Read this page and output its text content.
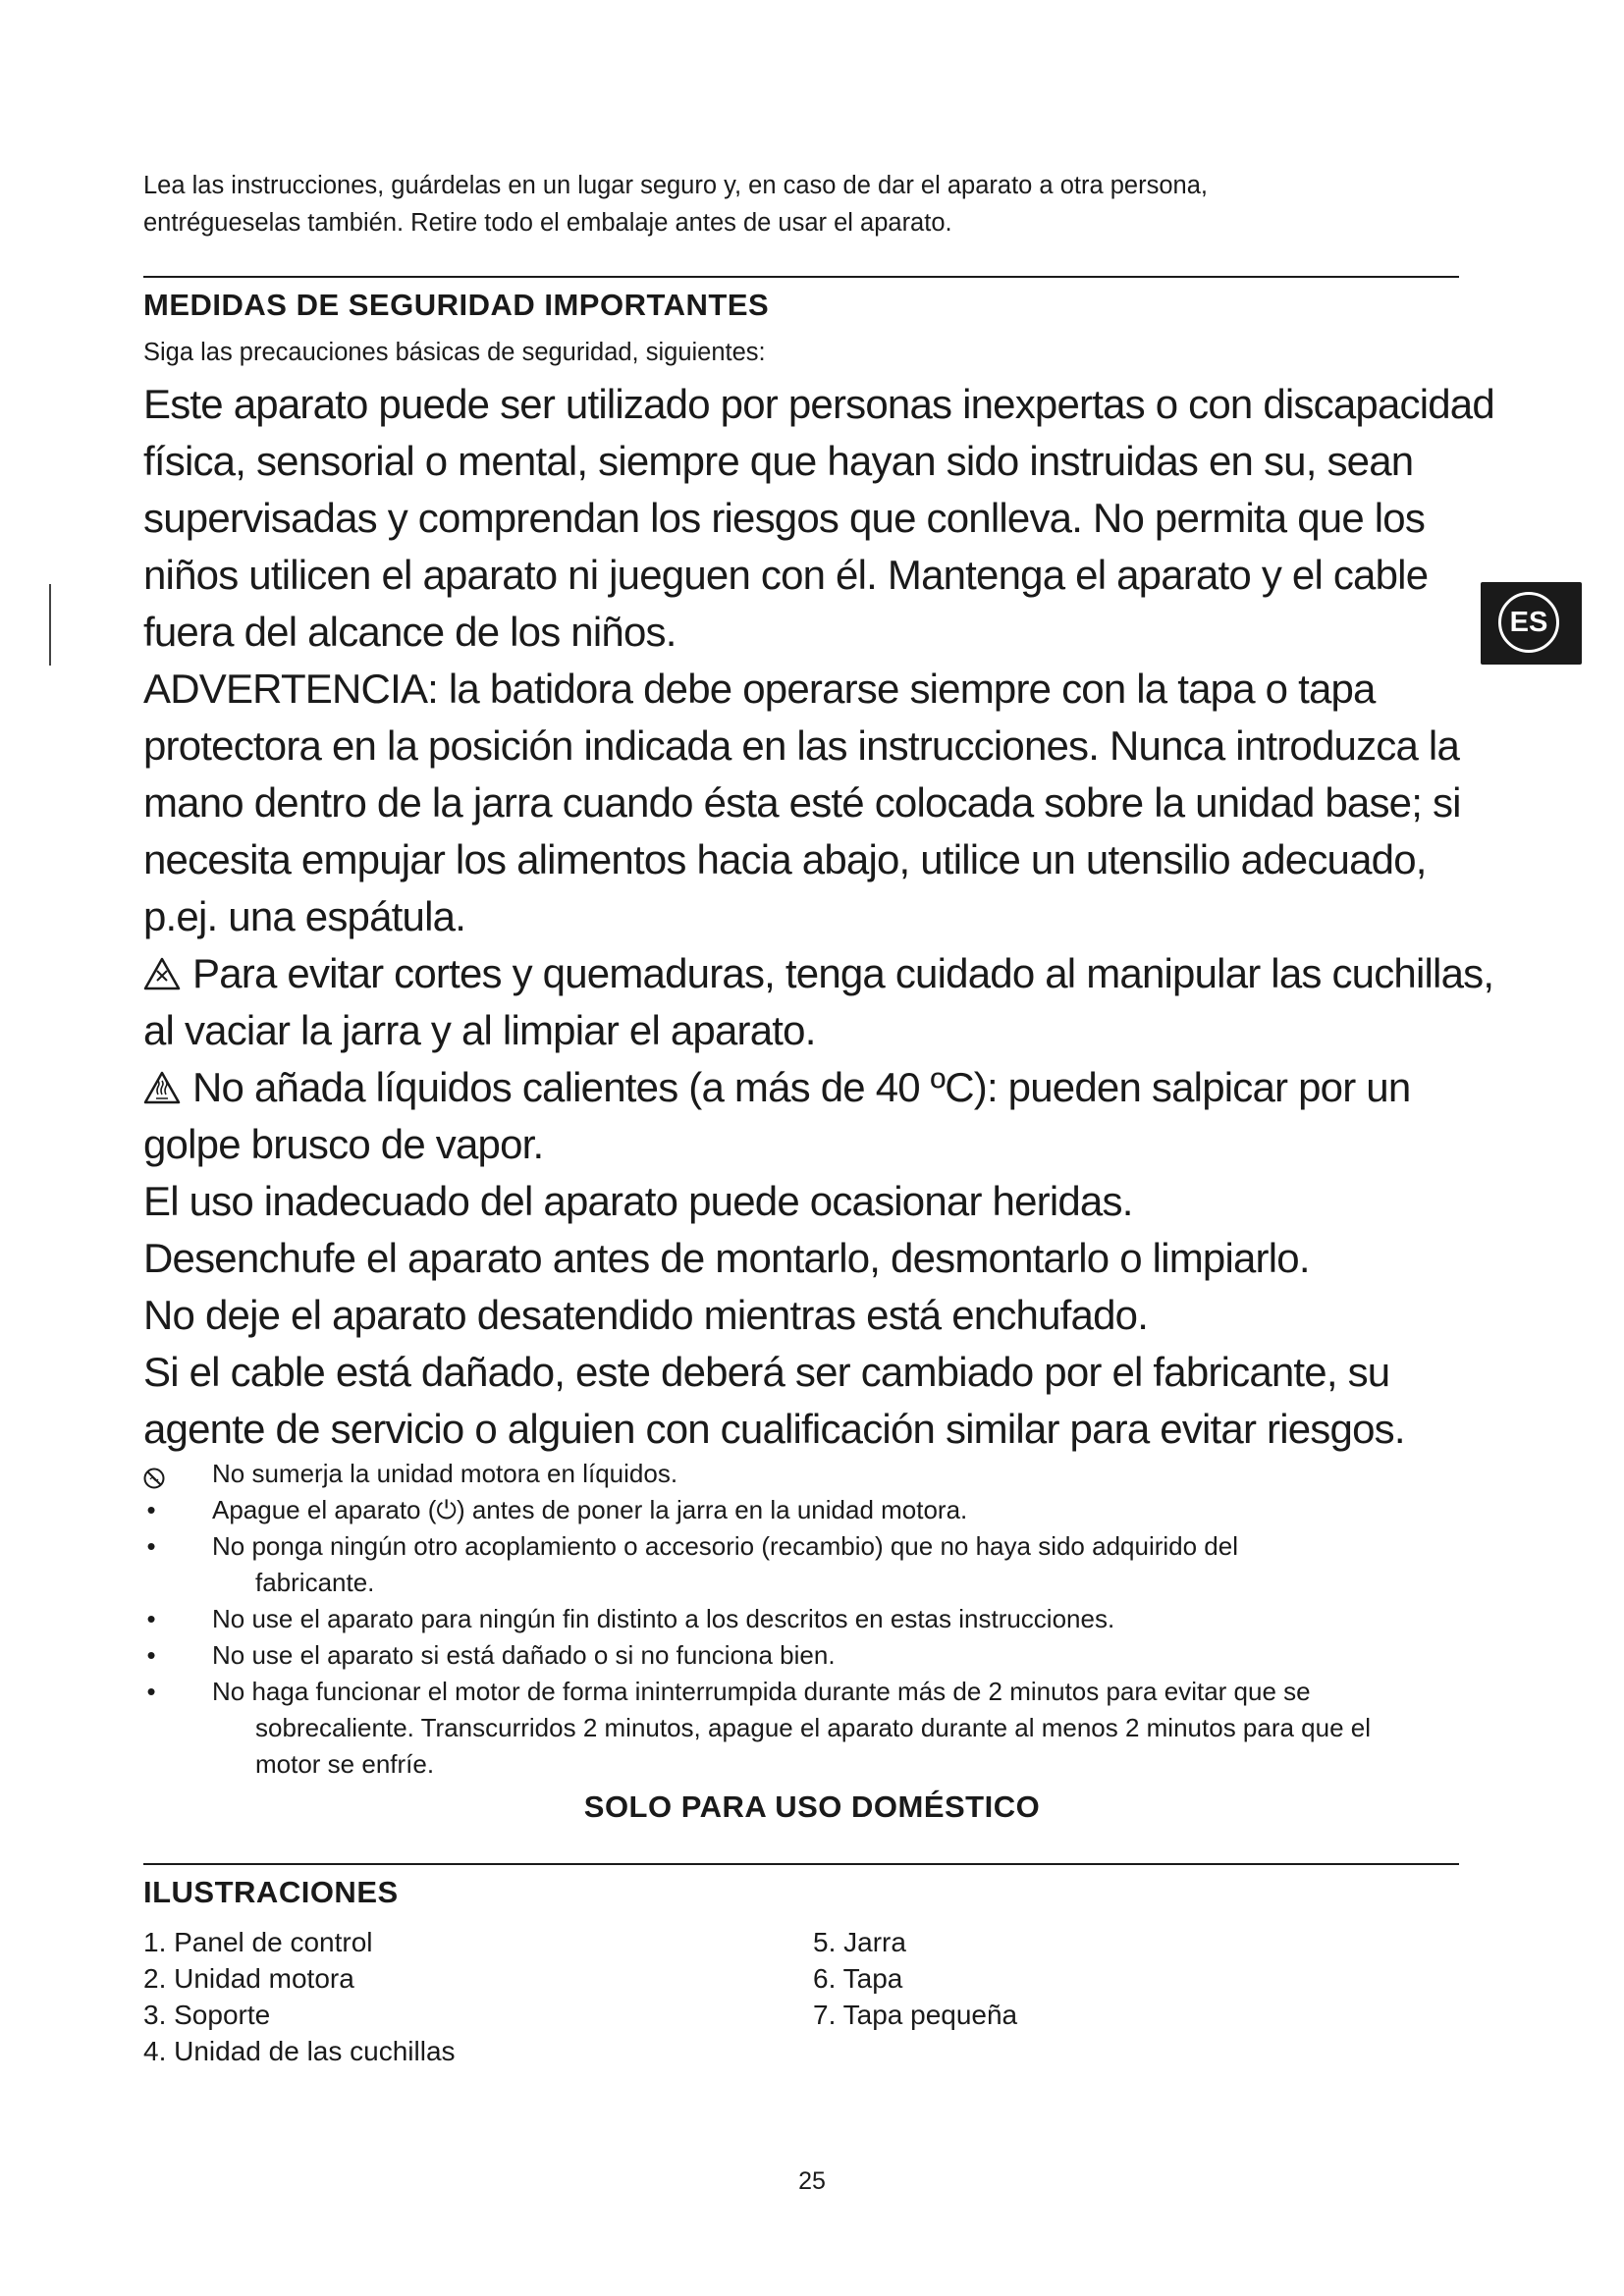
Lea las instrucciones, guárdelas en un lugar seguro y, en caso de dar el aparato a otra persona,
entrégueselas también. Retire todo el embalaje antes de usar el aparato.
MEDIDAS DE SEGURIDAD IMPORTANTES
Siga las precauciones básicas de seguridad, siguientes:

Este aparato puede ser utilizado por personas inexpertas o con discapacidad física, sensorial o mental, siempre que hayan sido instruidas en su, sean supervisadas y comprendan los riesgos que conlleva. No permita que los niños utilicen el aparato ni jueguen con él. Mantenga el aparato y el cable fuera del alcance de los niños.

ADVERTENCIA: la batidora debe operarse siempre con la tapa o tapa protectora en la posición indicada en las instrucciones. Nunca introduzca la mano dentro de la jarra cuando ésta esté colocada sobre la unidad base; si necesita empujar los alimentos hacia abajo, utilice un utensilio adecuado, p.ej. una espátula.

Para evitar cortes y quemaduras, tenga cuidado al manipular las cuchillas, al vaciar la jarra y al limpiar el aparato.

No añada líquidos calientes (a más de 40 ºC): pueden salpicar por un golpe brusco de vapor.

El uso inadecuado del aparato puede ocasionar heridas.

Desenchufe el aparato antes de montarlo, desmontarlo o limpiarlo.

No deje el aparato desatendido mientras está enchufado.

Si el cable está dañado, este deberá ser cambiado por el fabricante, su agente de servicio o alguien con cualificación similar para evitar riesgos.

No sumerja la unidad motora en líquidos.
• Apague el aparato (⏻) antes de poner la jarra en la unidad motora.
• No ponga ningún otro acoplamiento o accesorio (recambio) que no haya sido adquirido del
fabricante.
• No use el aparato para ningún fin distinto a los descritos en estas instrucciones.
• No use el aparato si está dañado o si no funciona bien.
• No haga funcionar el motor de forma ininterrumpida durante más de 2 minutos para evitar que se
sobrecaliente. Transcurridos 2 minutos, apague el aparato durante al menos 2 minutos para que el
motor se enfríe.
SOLO PARA USO DOMÉSTICO
ILUSTRACIONES
1. Panel de control
2. Unidad motora
3. Soporte
4. Unidad de las cuchillas
5. Jarra
6. Tapa
7. Tapa pequeña
ES
25
